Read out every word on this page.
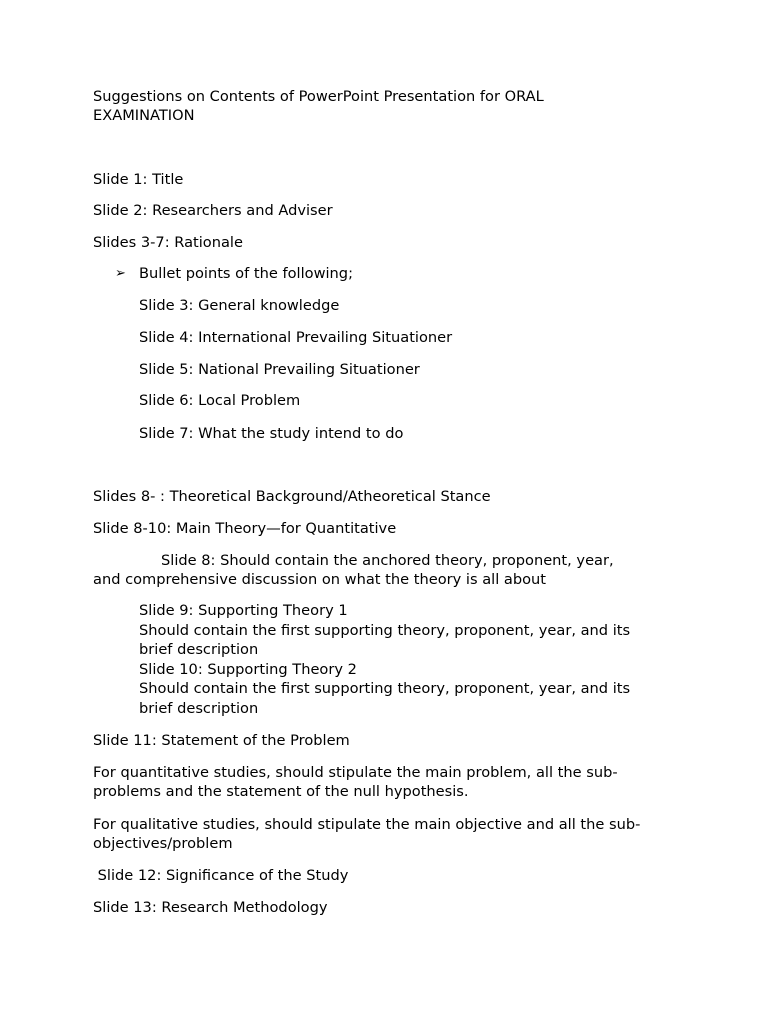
Suggestions on Contents of PowerPoint Presentation for ORAL
EXAMINATION
Slide 1: Title
Slide 2: Researchers and Adviser
Slides 3-7: Rationale
➢ Bullet points of the following;
Slide 3: General knowledge
Slide 4: International Prevailing Situationer
Slide 5: National Prevailing Situationer
Slide 6: Local Problem
Slide 7: What the study intend to do
Slides 8- : Theoretical Background/Atheoretical Stance
Slide 8-10: Main Theory—for Quantitative
Slide 8: Should contain the anchored theory, proponent, year,
and comprehensive discussion on what the theory is all about
Slide 9: Supporting Theory 1
Should contain the first supporting theory, proponent, year, and its
brief description
Slide 10: Supporting Theory 2
Should contain the first supporting theory, proponent, year, and its
brief description
Slide 11: Statement of the Problem
For quantitative studies, should stipulate the main problem, all the sub-
problems and the statement of the null hypothesis.
For qualitative studies, should stipulate the main objective and all the sub-
objectives/problem
Slide 12: Significance of the Study
Slide 13: Research Methodology
